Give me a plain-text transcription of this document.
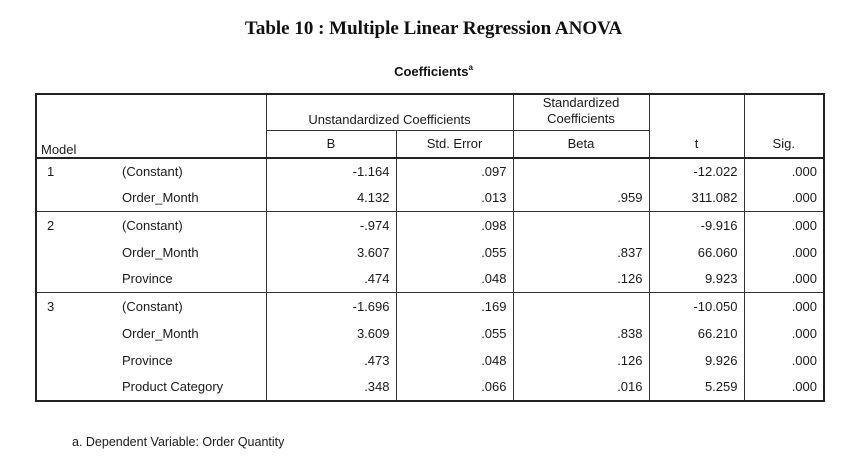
Table 10 : Multiple Linear Regression ANOVA
Coefficients$^a$
		Unstandardized Coefficients		Standardized
Coefficients		

Model		B	Std. Error	Beta	t	Sig.
1	(Constant)	-1.164	.097		-12.022	.000
	Order_Month	4.132	.013	.959	311.082	.000
2	(Constant)	-.974	.098		-9.916	.000
	Order_Month	3.607	.055	.837	66.060	.000
	Province	.474	.048	.126	9.923	.000
3	(Constant)	-1.696	.169		-10.050	.000
	Order_Month	3.609	.055	.838	66.210	.000
	Province	.473	.048	.126	9.926	.000
	Product Category	.348	.066	.016	5.259	.000
a. Dependent Variable: Order Quantity
